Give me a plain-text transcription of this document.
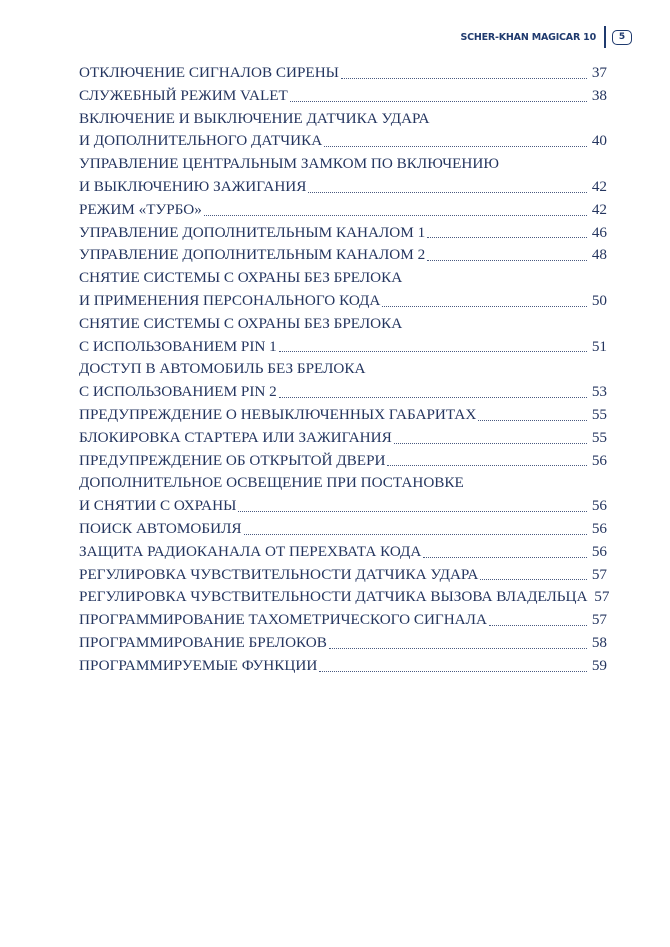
SCHER-KHAN MAGICAR 10	5
ОТКЛЮЧЕНИЕ СИГНАЛОВ СИРЕНЫ	37
СЛУЖЕБНЫЙ РЕЖИМ VALET	38
ВКЛЮЧЕНИЕ И ВЫКЛЮЧЕНИЕ ДАТЧИКА УДАРА
И ДОПОЛНИТЕЛЬНОГО ДАТЧИКА	40
УПРАВЛЕНИЕ ЦЕНТРАЛЬНЫМ ЗАМКОМ ПО ВКЛЮЧЕНИЮ
И ВЫКЛЮЧЕНИЮ ЗАЖИГАНИЯ	42
РЕЖИМ «ТУРБО»	42
УПРАВЛЕНИЕ ДОПОЛНИТЕЛЬНЫМ КАНАЛОМ 1	46
УПРАВЛЕНИЕ ДОПОЛНИТЕЛЬНЫМ КАНАЛОМ 2	48
СНЯТИЕ СИСТЕМЫ С ОХРАНЫ БЕЗ БРЕЛОКА
И ПРИМЕНЕНИЯ ПЕРСОНАЛЬНОГО КОДА	50
СНЯТИЕ СИСТЕМЫ С ОХРАНЫ БЕЗ БРЕЛОКА
С ИСПОЛЬЗОВАНИЕМ PIN 1	51
ДОСТУП В АВТОМОБИЛЬ БЕЗ БРЕЛОКА
С ИСПОЛЬЗОВАНИЕМ PIN 2	53
ПРЕДУПРЕЖДЕНИЕ О НЕВЫКЛЮЧЕННЫХ ГАБАРИТАХ	55
БЛОКИРОВКА СТАРТЕРА ИЛИ ЗАЖИГАНИЯ	55
ПРЕДУПРЕЖДЕНИЕ ОБ ОТКРЫТОЙ ДВЕРИ	56
ДОПОЛНИТЕЛЬНОЕ ОСВЕЩЕНИЕ ПРИ ПОСТАНОВКЕ
И СНЯТИИ С ОХРАНЫ	56
ПОИСК АВТОМОБИЛЯ	56
ЗАЩИТА РАДИОКАНАЛА ОТ ПЕРЕХВАТА КОДА	56
РЕГУЛИРОВКА ЧУВСТВИТЕЛЬНОСТИ ДАТЧИКА УДАРА	57
РЕГУЛИРОВКА ЧУВСТВИТЕЛЬНОСТИ ДАТЧИКА ВЫЗОВА ВЛАДЕЛЬЦА 57
ПРОГРАММИРОВАНИЕ ТАХОМЕТРИЧЕСКОГО СИГНАЛА	57
ПРОГРАММИРОВАНИЕ БРЕЛОКОВ	58
ПРОГРАММИРУЕМЫЕ ФУНКЦИИ	59
